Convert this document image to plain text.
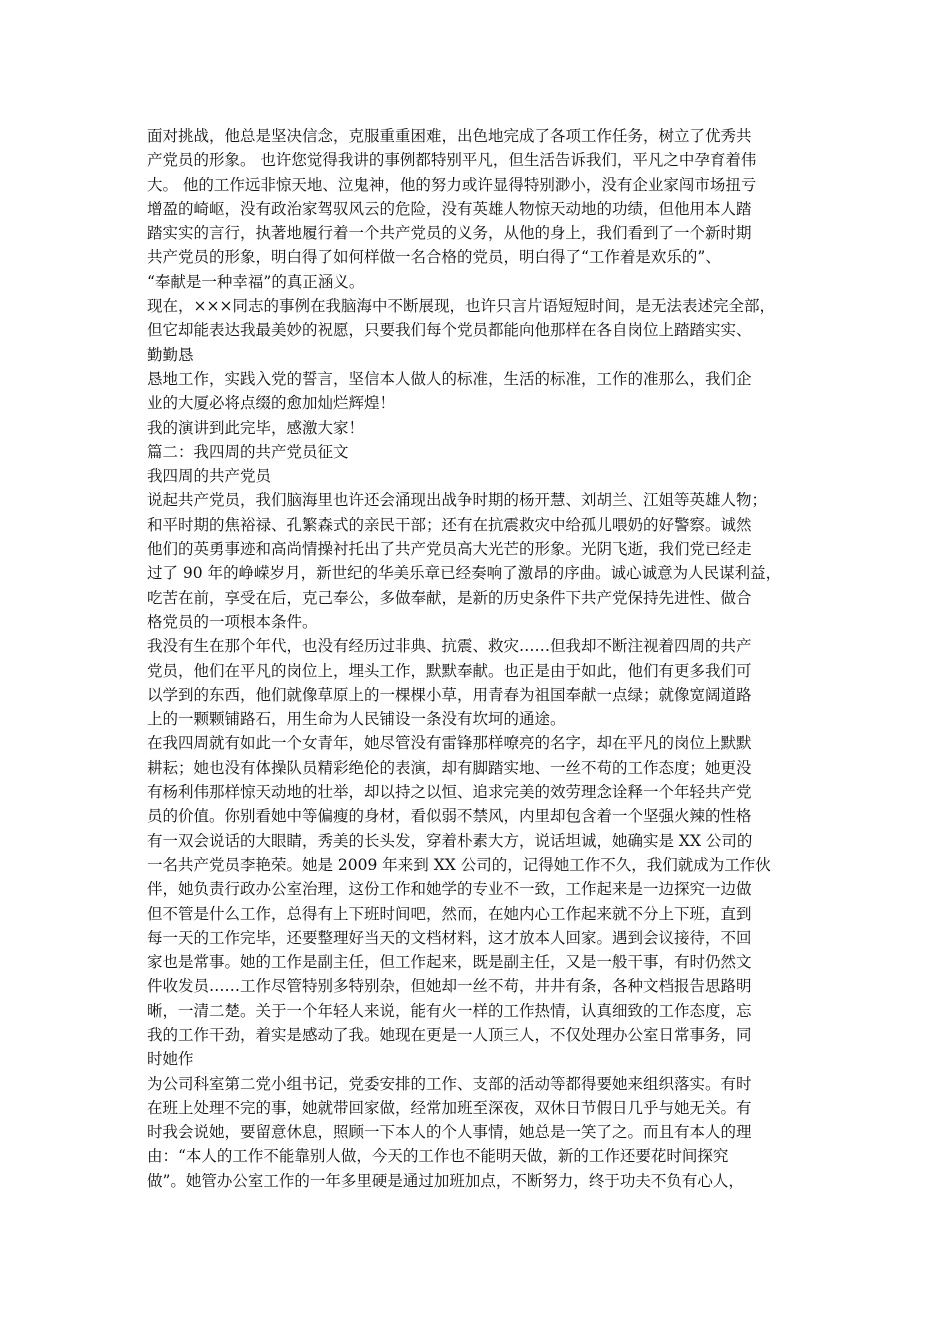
面对挑战，他总是坚决信念，克服重重困难，出色地完成了各项工作任务，树立了优秀共
产党员的形象。 也许您觉得我讲的事例都特别平凡，但生活告诉我们，平凡之中孕育着伟
大。 他的工作远非惊天地、泣鬼神，他的努力或许显得特别渺小，没有企业家闯市场扭亏
增盈的崎岖，没有政治家驾驭风云的危险，没有英雄人物惊天动地的功绩，但他用本人踏
踏实实的言行，执著地履行着一个共产党员的义务，从他的身上，我们看到了一个新时期
共产党员的形象，明白得了如何样做一名合格的党员，明白得了“工作着是欢乐的”、
“奉献是一种幸福”的真正涵义。
现在，×××同志的事例在我脑海中不断展现，也许只言片语短短时间，是无法表述完全部，
但它却能表达我最美妙的祝愿，只要我们每个党员都能向他那样在各自岗位上踏踏实实、
勤勤恳
恳地工作，实践入党的誓言，坚信本人做人的标准，生活的标准，工作的准那么，我们企
业的大厦必将点缀的愈加灿烂辉煌！
我的演讲到此完毕，感激大家！
篇二：我四周的共产党员征文
我四周的共产党员
说起共产党员，我们脑海里也许还会涌现出战争时期的杨开慧、刘胡兰、江姐等英雄人物；
和平时期的焦裕禄、孔繁森式的亲民干部；还有在抗震救灾中给孤儿喂奶的好警察。诚然
他们的英勇事迹和高尚情操衬托出了共产党员高大光芒的形象。光阴飞逝，我们党已经走
过了 90 年的峥嵘岁月，新世纪的华美乐章已经奏响了激昂的序曲。诚心诚意为人民谋利益，
吃苦在前，享受在后，克己奉公，多做奉献，是新的历史条件下共产党保持先进性、做合
格党员的一项根本条件。
我没有生在那个年代，也没有经历过非典、抗震、救灾……但我却不断注视着四周的共产
党员，他们在平凡的岗位上，埋头工作，默默奉献。也正是由于如此，他们有更多我们可
以学到的东西，他们就像草原上的一棵棵小草，用青春为祖国奉献一点绿；就像宽阔道路
上的一颗颗铺路石，用生命为人民铺设一条没有坎坷的通途。
在我四周就有如此一个女青年，她尽管没有雷锋那样嘹亮的名字，却在平凡的岗位上默默
耕耘；她也没有体操队员精彩绝伦的表演，却有脚踏实地、一丝不苟的工作态度；她更没
有杨利伟那样惊天动地的壮举，却以持之以恒、追求完美的效劳理念诠释一个年轻共产党
员的价值。你别看她中等偏瘦的身材，看似弱不禁风，内里却包含着一个坚强火辣的性格
有一双会说话的大眼睛，秀美的长头发，穿着朴素大方，说话坦诚，她确实是 XX 公司的
一名共产党员李艳荣。她是 2009 年来到 XX 公司的，记得她工作不久，我们就成为工作伙
伴，她负责行政办公室治理，这份工作和她学的专业不一致，工作起来是一边探究一边做
但不管是什么工作，总得有上下班时间吧，然而，在她内心工作起来就不分上下班，直到
每一天的工作完毕，还要整理好当天的文档材料，这才放本人回家。遇到会议接待，不回
家也是常事。她的工作是副主任，但工作起来，既是副主任，又是一般干事，有时仍然文
件收发员……工作尽管特别多特别杂，但她却一丝不苟，井井有条，各种文档报告思路明
晰，一清二楚。关于一个年轻人来说，能有火一样的工作热情，认真细致的工作态度，忘
我的工作干劲，着实是感动了我。她现在更是一人顶三人，不仅处理办公室日常事务，同
时她作
为公司科室第二党小组书记，党委安排的工作、支部的活动等都得要她来组织落实。有时
在班上处理不完的事，她就带回家做，经常加班至深夜，双休日节假日几乎与她无关。有
时我会说她，要留意休息，照顾一下本人的个人事情，她总是一笑了之。而且有本人的理
由：“本人的工作不能靠别人做，今天的工作也不能明天做，新的工作还要花时间探究
做”。她管办公室工作的一年多里硬是通过加班加点，不断努力，终于功夫不负有心人，
